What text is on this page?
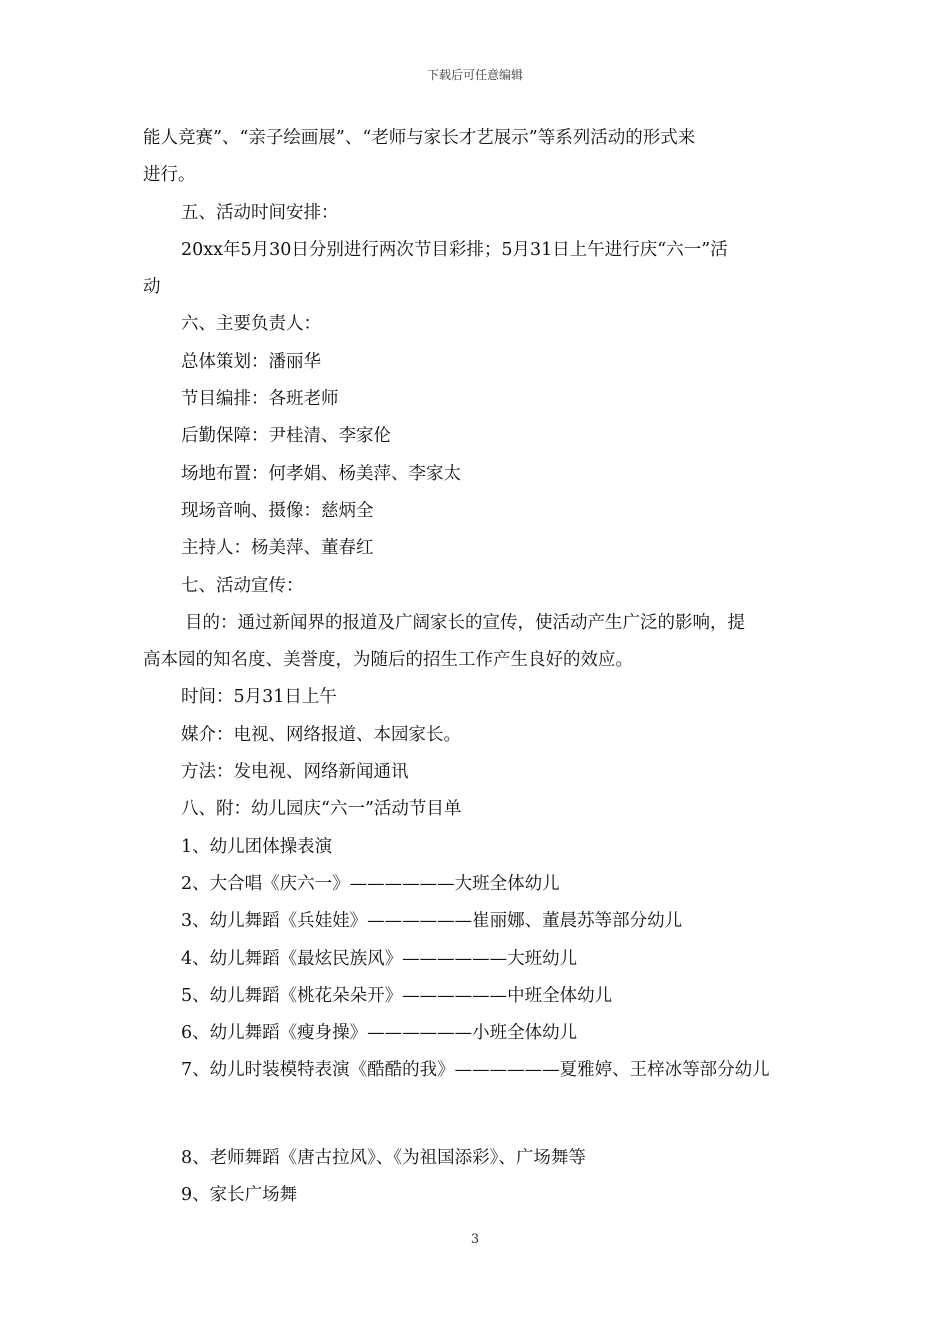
下载后可任意编辑
能人竞赛”、“亲子绘画展”、“老师与家长才艺展示”等系列活动的形式来
进行。
五、活动时间安排：
20xx年5月30日分别进行两次节目彩排；5月31日上午进行庆“六一”活
动
六、主要负责人：
总体策划：潘丽华
节目编排：各班老师
后勤保障：尹桂清、李家伦
场地布置：何孝娟、杨美萍、李家太
现场音响、摄像：慈炳全
主持人：杨美萍、董春红
七、活动宣传：
目的：通过新闻界的报道及广阔家长的宣传，使活动产生广泛的影响，提
高本园的知名度、美誉度，为随后的招生工作产生良好的效应。
时间：5月31日上午
媒介：电视、网络报道、本园家长。
方法：发电视、网络新闻通讯
八、附：幼儿园庆“六一”活动节目单
1、幼儿团体操表演
2、大合唱《庆六一》——————大班全体幼儿
3、幼儿舞蹈《兵娃娃》——————崔丽娜、董晨苏等部分幼儿
4、幼儿舞蹈《最炫民族风》——————大班幼儿
5、幼儿舞蹈《桃花朵朵开》——————中班全体幼儿
6、幼儿舞蹈《瘦身操》——————小班全体幼儿
7、幼儿时装模特表演《酷酷的我》——————夏雅婷、王梓冰等部分幼儿
8、老师舞蹈《唐古拉风》、《为祖国添彩》、广场舞等
9、家长广场舞
3
